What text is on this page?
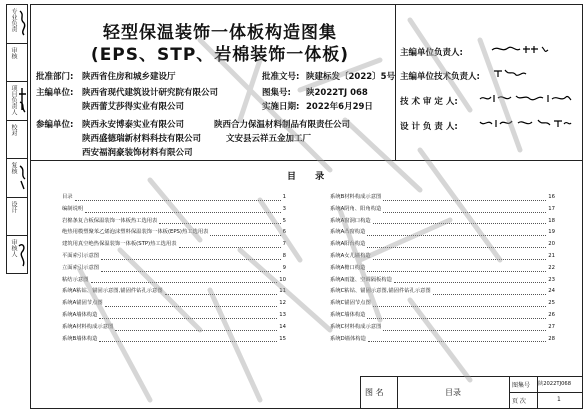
专业负责
审核
项目负责人
校对
复核
设计
审核人
轻型保温装饰一体板构造图集
(EPS、STP、岩棉装饰一体板)
批准部门: 陕西省住房和城乡建设厅	批准文号: 陕建标发〔2022〕5号
主编单位: 陕西省现代建筑设计研究院有限公司
陕西蕾艾莎得实业有限公司
图集号: 陕2022TJ 068
实施日期: 2022年6月29日
参编单位: 陕西永安博泰实业有限公司	陕西合力保温材料制品有限责任公司
陕西盛德瑞新材料科技有限公司	文安县云祥五金加工厂
西安福润豪装饰材料有限公司
主编单位负责人:
主编单位技术负责人:
技 术 审 定 人:
设 计 负 责 人:
目 录
目录	1
编制说明	3
岩棉条复合板保温装饰一体板热工选用表	5
绝热用模塑聚苯乙烯泡沫塑料保温装饰一体板(EPS)热工选用表	6
建筑用真空绝热保温装饰一体板(STP)热工选用表	7
平面索引示意图	8
立面索引示意图	9
粘结示意图	10
系统A粘钻、锚固示意图,锚固件钻孔示意图	11
系统A锚固节点图	12
系统A墙体构造	13
系统A材料构成示意图	14
系统B墙体构造	15
系统B材料构成示意图	16
系统A阴角、阳角构造	17
系统A窗洞口构造	18
系统A凸窗构造	19
系统A阳台构造	20
系统A女儿墙构造	21
系统A檐口构造	22
系统A雨篷、空调隔板构造	23
系统C粘钻、锚固示意图,锚固件钻孔示意图	24
系统C锚固节点图	25
系统C墙体构造	26
系统C材料构成示意图	27
系统D墙体构造	28
图 名	目录
图集号 陕2022TJ068
页 次	1
